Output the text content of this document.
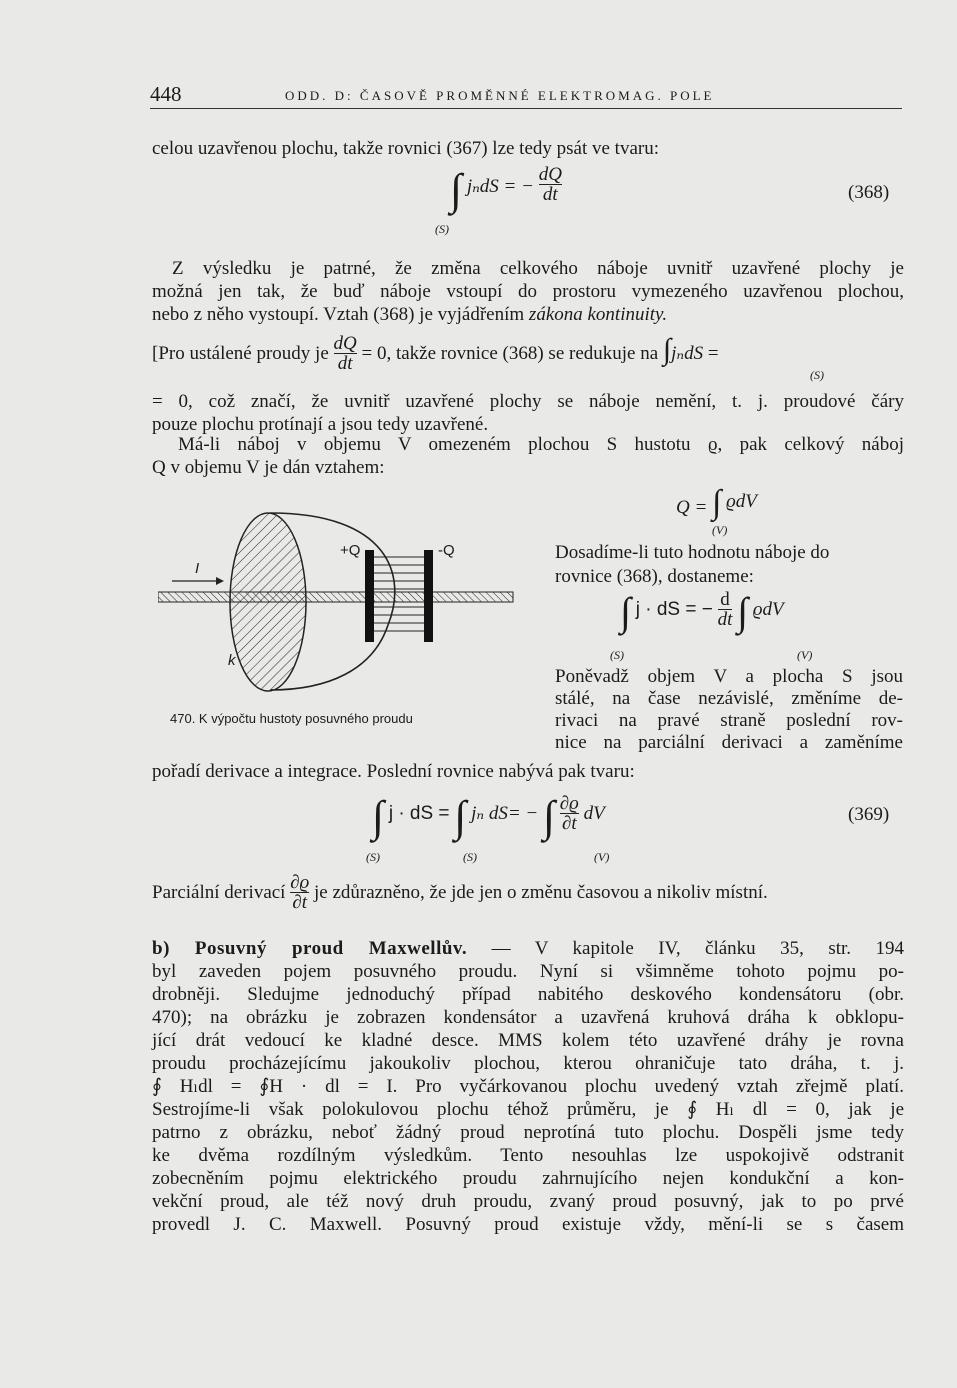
448	ODD. D: ČASOVĚ PROMĚNNÉ ELEKTROMAG. POLE
celou uzavřenou plochu, takže rovnici (367) lze tedy psát ve tvaru:
∫ jₙdS = − $\frac{dQ}{dt}$
(S)
(368)
Z výsledku je patrné, že změna celkového náboje uvnitř uzavřené plochy je
možná jen tak, že buď náboje vstoupí do prostoru vymezeného uzavřenou plochou,
nebo z něho vystoupí. Vztah (368) je vyjádřením zákona kontinuity.
[Pro ustálené proudy je $\frac{dQ}{dt} = 0$, takže rovnice (368) se redukuje na ∫jₙdS =
(S)
= 0, což značí, že uvnitř uzavřené plochy se náboje nemění, t. j. proudové čáry
pouze plochu protínají a jsou tedy uzavřené.
Má-li náboj v objemu V omezeném plochou S hustotu ϱ, pak celkový náboj
Q v objemu V je dán vztahem:
Q = ∫ ϱdV
(V)
+Q	-Q
I
k
470. K výpočtu hustoty posuvného proudu
Dosadíme-li tuto hodnotu náboje do
rovnice (368), dostaneme:
∫ j · dS = − $\frac{d}{dt}$ ∫ ϱdV
(S)	(V)
Poněvadž objem V a plocha S jsou
stálé, na čase nezávislé, změníme de-
rivaci na pravé straně poslední rov-
nice na parciální derivaci a zaměníme
pořadí derivace a integrace. Poslední rovnice nabývá pak tvaru:
∫ j · dS = ∫ jₙ dS= − ∫ $\frac{\partial ϱ}{\partial t}$ dV
(S)	(S)	(V)
(369)
Parciální derivací $\frac{\partial ϱ}{\partial t}$ je zdůrazněno, že jde jen o změnu časovou a nikoliv místní.
b) Posuvný proud Maxwellův. — V kapitole IV, článku 35, str. 194
byl zaveden pojem posuvného proudu. Nyní si všimněme tohoto pojmu po-
drobněji. Sledujme jednoduchý případ nabitého deskového kondensátoru (obr.
470); na obrázku je zobrazen kondensátor a uzavřená kruhová dráha k obklopu-
jící drát vedoucí ke kladné desce. MMS kolem této uzavřené dráhy je rovna
proudu procházejícímu jakoukoliv plochou, kterou ohraničuje tato dráha, t. j.
∮ Hₗdl = ∮H · dl = I. Pro vyčárkovanou plochu uvedený vztah zřejmě platí.
Sestrojíme-li však polokulovou plochu téhož průměru, je ∮ Hₗ dl = 0, jak je
patrno z obrázku, neboť žádný proud neprotíná tuto plochu. Dospěli jsme tedy
ke dvěma rozdílným výsledkům. Tento nesouhlas lze uspokojivě odstranit
zobecněním pojmu elektrického proudu zahrnujícího nejen kondukční a kon-
vekční proud, ale též nový druh proudu, zvaný proud posuvný, jak to po prvé
provedl J. C. Maxwell. Posuvný proud existuje vždy, mění-li se s časem
